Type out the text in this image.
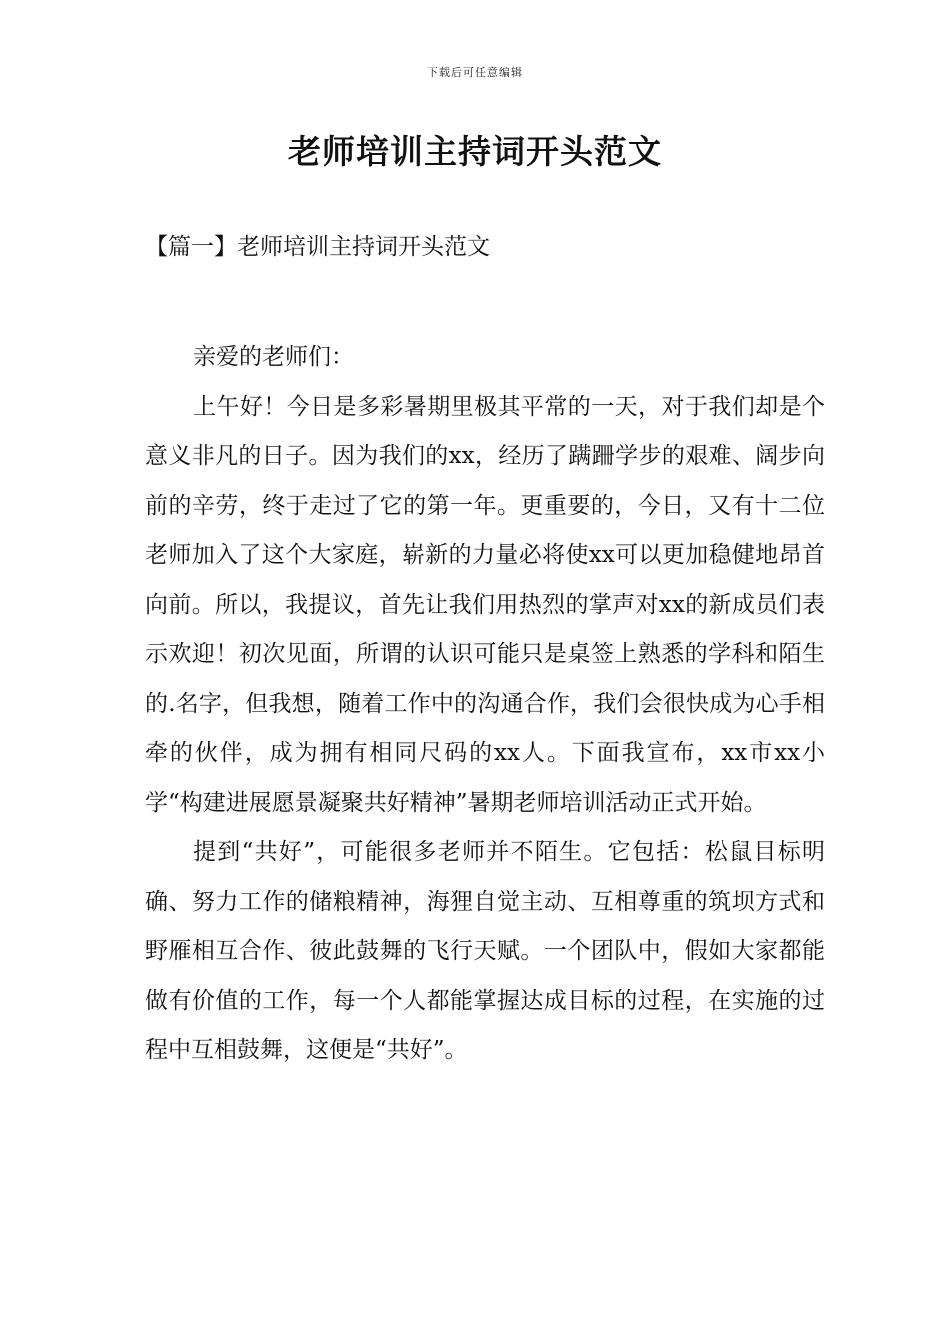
下载后可任意编辑
老师培训主持词开头范文
【篇一】老师培训主持词开头范文

亲爱的老师们：

上午好！今日是多彩暑期里极其平常的一天，对于我们却是个意义非凡的日子。因为我们的xx，经历了蹒跚学步的艰难、阔步向前的辛劳，终于走过了它的第一年。更重要的，今日，又有十二位老师加入了这个大家庭，崭新的力量必将使xx可以更加稳健地昂首向前。所以，我提议，首先让我们用热烈的掌声对xx的新成员们表示欢迎！初次见面，所谓的认识可能只是桌签上熟悉的学科和陌生的.名字，但我想，随着工作中的沟通合作，我们会很快成为心手相牵的伙伴，成为拥有相同尺码的xx人。下面我宣布，xx市xx小学“构建进展愿景凝聚共好精神”暑期老师培训活动正式开始。

提到“共好”，可能很多老师并不陌生。它包括：松鼠目标明确、努力工作的储粮精神，海狸自觉主动、互相尊重的筑坝方式和野雁相互合作、彼此鼓舞的飞行天赋。一个团队中，假如大家都能做有价值的工作，每一个人都能掌握达成目标的过程，在实施的过程中互相鼓舞，这便是“共好”。
